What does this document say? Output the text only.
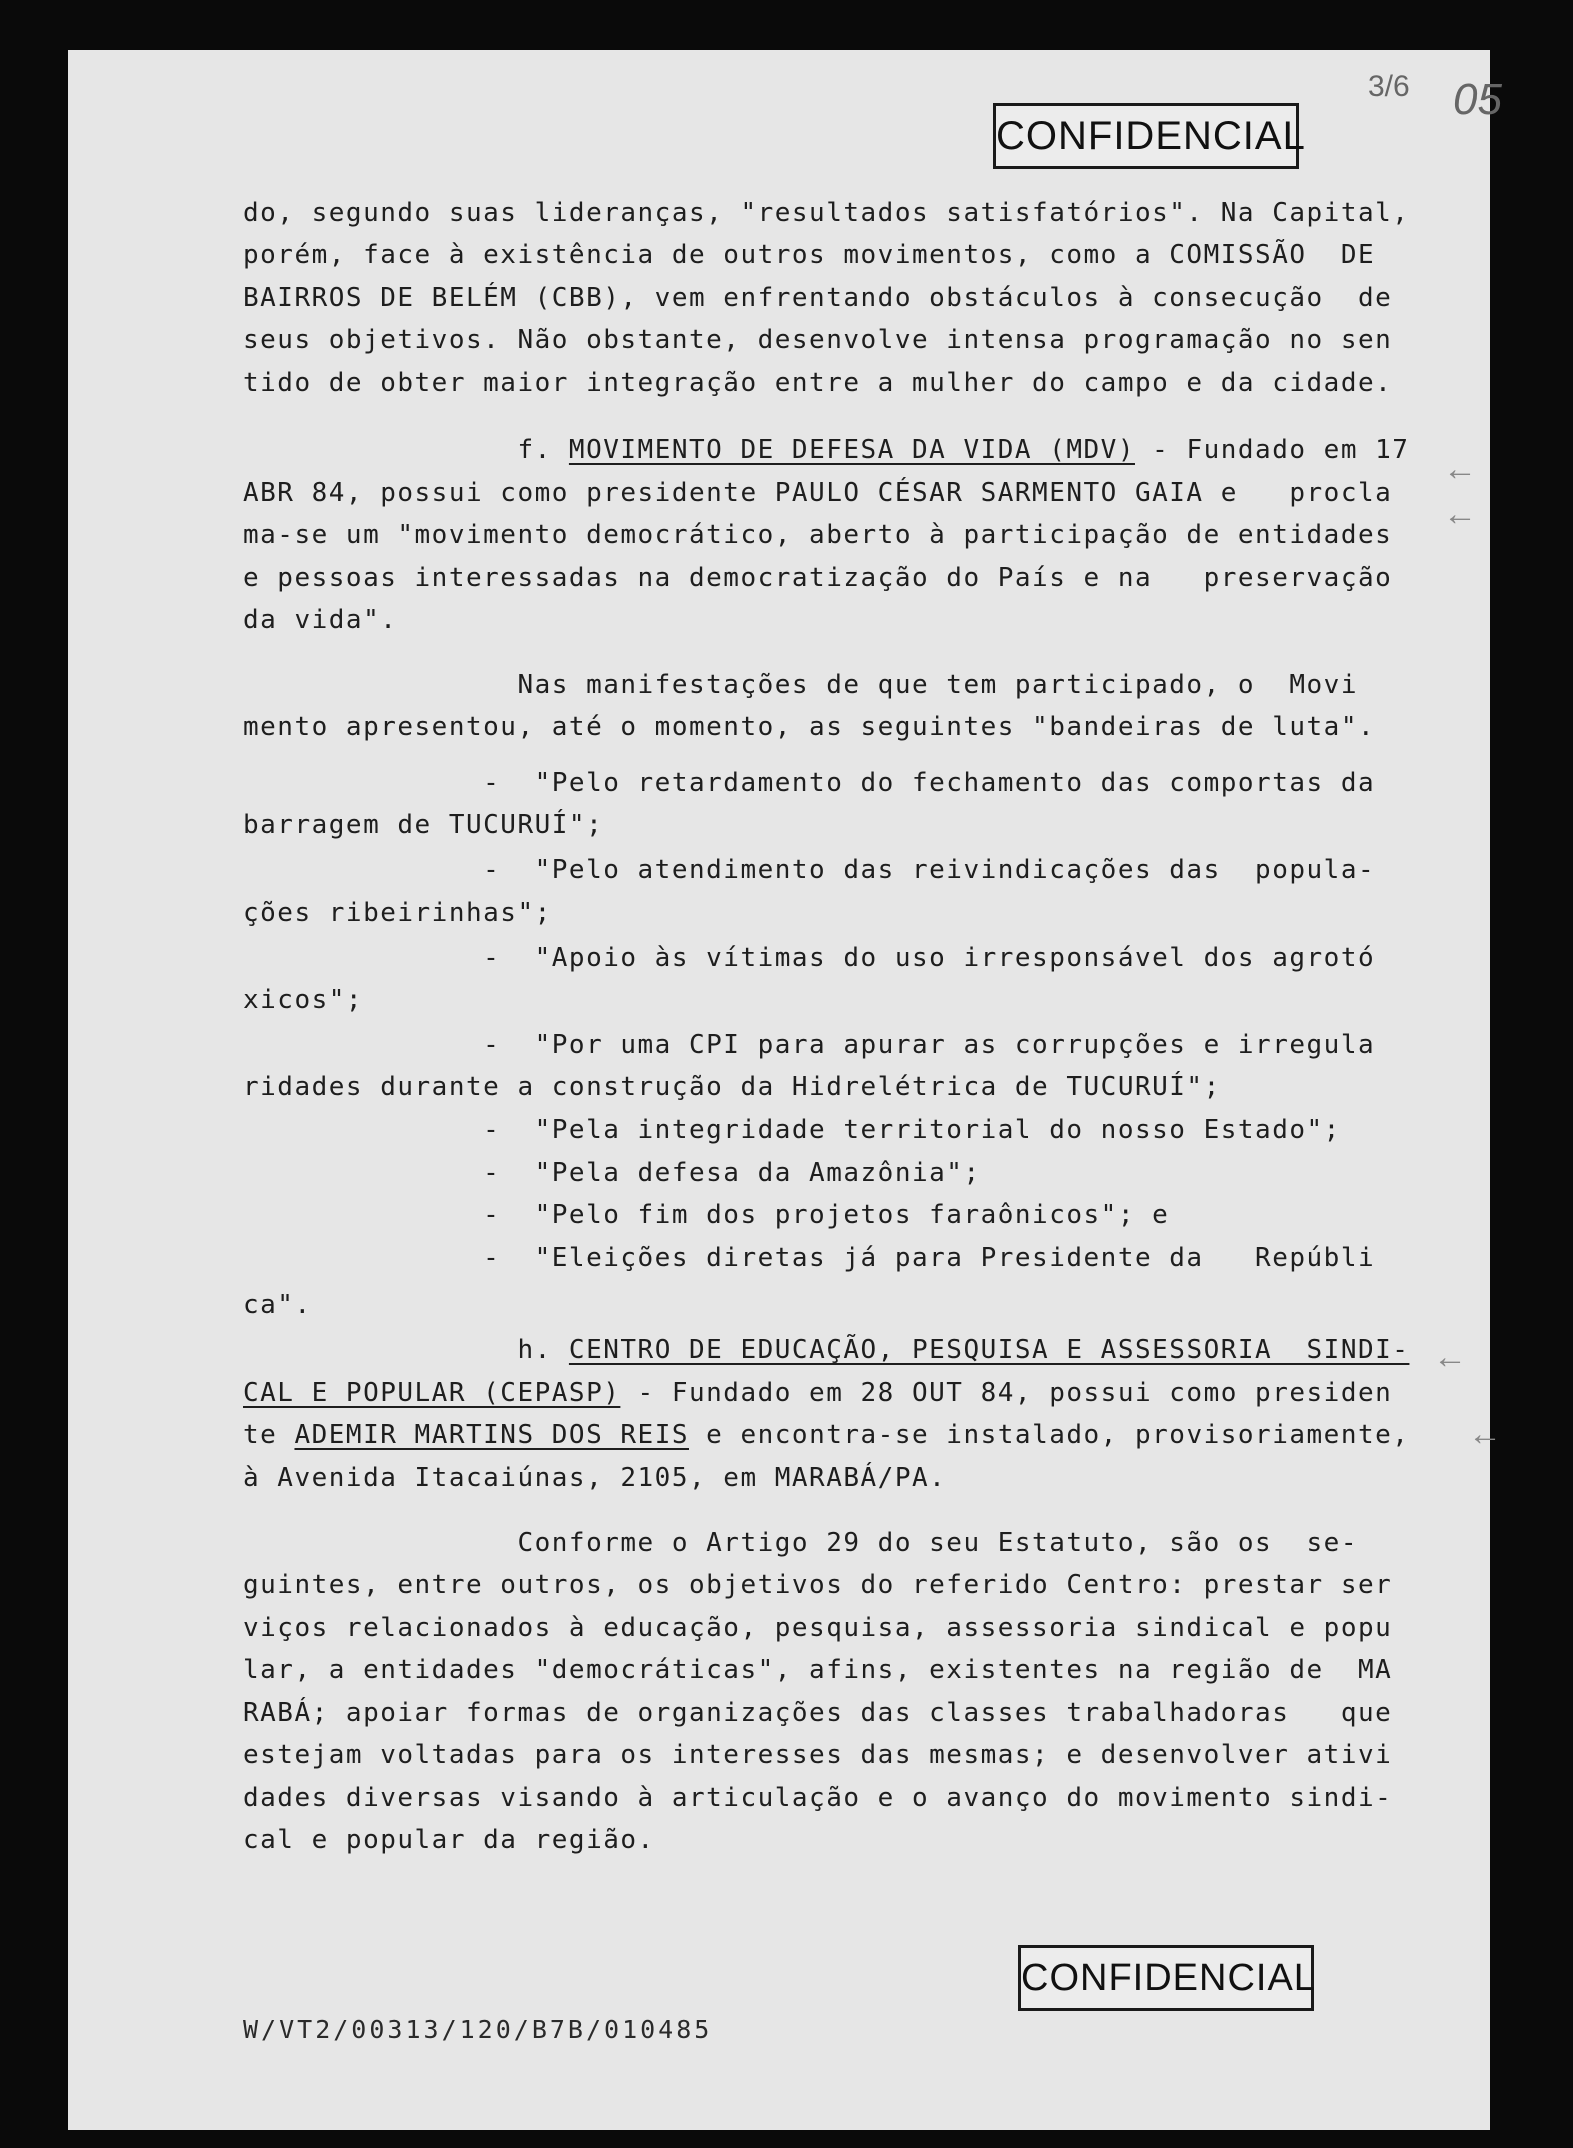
CONFIDENCIAL
3/6 05
←
←
←
←
do, segundo suas lideranças, "resultados satisfatórios". Na Capital,
porém, face à existência de outros movimentos, como a COMISSÃO  DE
BAIRROS DE BELÉM (CBB), vem enfrentando obstáculos à consecução  de
seus objetivos. Não obstante, desenvolve intensa programação no sen
tido de obter maior integração entre a mulher do campo e da cidade.
f. MOVIMENTO DE DEFESA DA VIDA (MDV) - Fundado em 17
ABR 84, possui como presidente PAULO CÉSAR SARMENTO GAIA e   procla
ma-se um "movimento democrático, aberto à participação de entidades
e pessoas interessadas na democratização do País e na   preservação
da vida".
Nas manifestações de que tem participado, o  Movi
mento apresentou, até o momento, as seguintes "bandeiras de luta".
-  "Pelo retardamento do fechamento das comportas da
barragem de TUCURUÍ";
-  "Pelo atendimento das reivindicações das  popula-
ções ribeirinhas";
-  "Apoio às vítimas do uso irresponsável dos agrotó
xicos";
-  "Por uma CPI para apurar as corrupções e irregula
ridades durante a construção da Hidrelétrica de TUCURUÍ";
-  "Pela integridade territorial do nosso Estado";
-  "Pela defesa da Amazônia";
-  "Pelo fim dos projetos faraônicos"; e
-  "Eleições diretas já para Presidente da   Repúbli
ca".
h. CENTRO DE EDUCAÇÃO, PESQUISA E ASSESSORIA  SINDI-
CAL E POPULAR (CEPASP) - Fundado em 28 OUT 84, possui como presiden
te ADEMIR MARTINS DOS REIS e encontra-se instalado, provisoriamente,
à Avenida Itacaiúnas, 2105, em MARABÁ/PA.
Conforme o Artigo 29 do seu Estatuto, são os  se-
guintes, entre outros, os objetivos do referido Centro: prestar ser
viços relacionados à educação, pesquisa, assessoria sindical e popu
lar, a entidades "democráticas", afins, existentes na região de  MA
RABÁ; apoiar formas de organizações das classes trabalhadoras   que
estejam voltadas para os interesses das mesmas; e desenvolver ativi
dades diversas visando à articulação e o avanço do movimento sindi-
cal e popular da região.
CONFIDENCIAL
W/VT2/00313/120/B7B/010485
